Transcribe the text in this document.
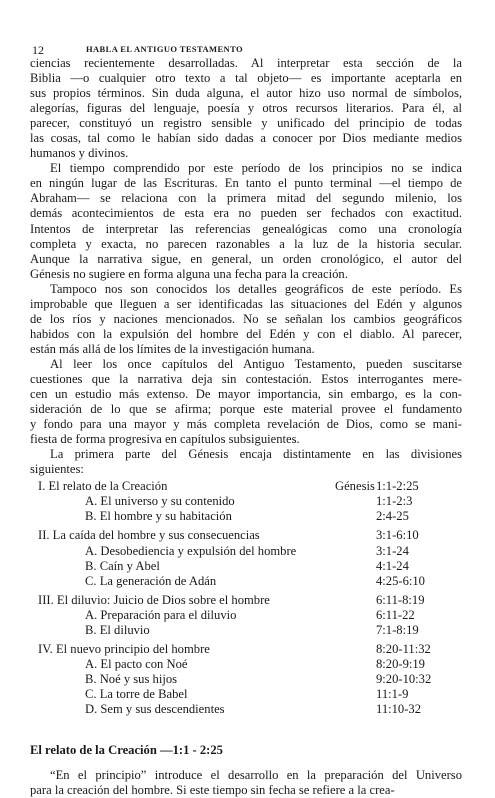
12	HABLA EL ANTIGUO TESTAMENTO

ciencias recientemente desarrolladas. Al interpretar esta sección de la

Biblia —o cualquier otro texto a tal objeto— es importante aceptarla en

sus propios términos. Sin duda alguna, el autor hizo uso normal de símbolos,

alegorías, figuras del lenguaje, poesía y otros recursos literarios. Para él, al

parecer, constituyó un registro sensible y unificado del principio de todas

las cosas, tal como le habían sido dadas a conocer por Dios mediante medios

humanos y divinos.

El tiempo comprendido por este período de los principios no se indica

en ningún lugar de las Escrituras. En tanto el punto terminal —el tiempo de

Abraham— se relaciona con la primera mitad del segundo milenio, los

demás acontecimientos de esta era no pueden ser fechados con exactitud.

Intentos de interpretar las referencias genealógicas como una cronología

completa y exacta, no parecen razonables a la luz de la historia secular.

Aunque la narrativa sigue, en general, un orden cronológico, el autor del

Génesis no sugiere en forma alguna una fecha para la creación.

Tampoco nos son conocidos los detalles geográficos de este período. Es

improbable que lleguen a ser identificadas las situaciones del Edén y algunos

de los ríos y naciones mencionados. No se señalan los cambios geográficos

habidos con la expulsión del hombre del Edén y con el diablo. Al parecer,

están más allá de los límites de la investigación humana.

Al leer los once capítulos del Antiguo Testamento, pueden suscitarse

cuestiones que la narrativa deja sin contestación. Estos interrogantes mere-

cen un estudio más extenso. De mayor importancia, sin embargo, es la con-

sideración de lo que se afirma; porque este material provee el fundamento

y fondo para una mayor y más completa revelación de Dios, como se mani-

fiesta de forma progresiva en capítulos subsiguientes.

La primera parte del Génesis encaja distintamente en las divisiones

siguientes:

I. El relato de la Creación	Génesis 1:1-2:25
A. El universo y su contenido	1:1-2:3
B. El hombre y su habitación	2:4-25
II. La caída del hombre y sus consecuencias	3:1-6:10
A. Desobediencia y expulsión del hombre	3:1-24
B. Caín y Abel	4:1-24
C. La generación de Adán	4:25-6:10
III. El diluvio: Juicio de Dios sobre el hombre	6:11-8:19
A. Preparación para el diluvio	6:11-22
B. El diluvio	7:1-8:19
IV. El nuevo principio del hombre	8:20-11:32
A. El pacto con Noé	8:20-9:19
B. Noé y sus hijos	9:20-10:32
C. La torre de Babel	11:1-9
D. Sem y sus descendientes	11:10-32
El relato de la Creación —1:1 - 2:25

“En el principio” introduce el desarrollo en la preparación del Universo

para la creación del hombre. Si este tiempo sin fecha se refiere a la crea-
